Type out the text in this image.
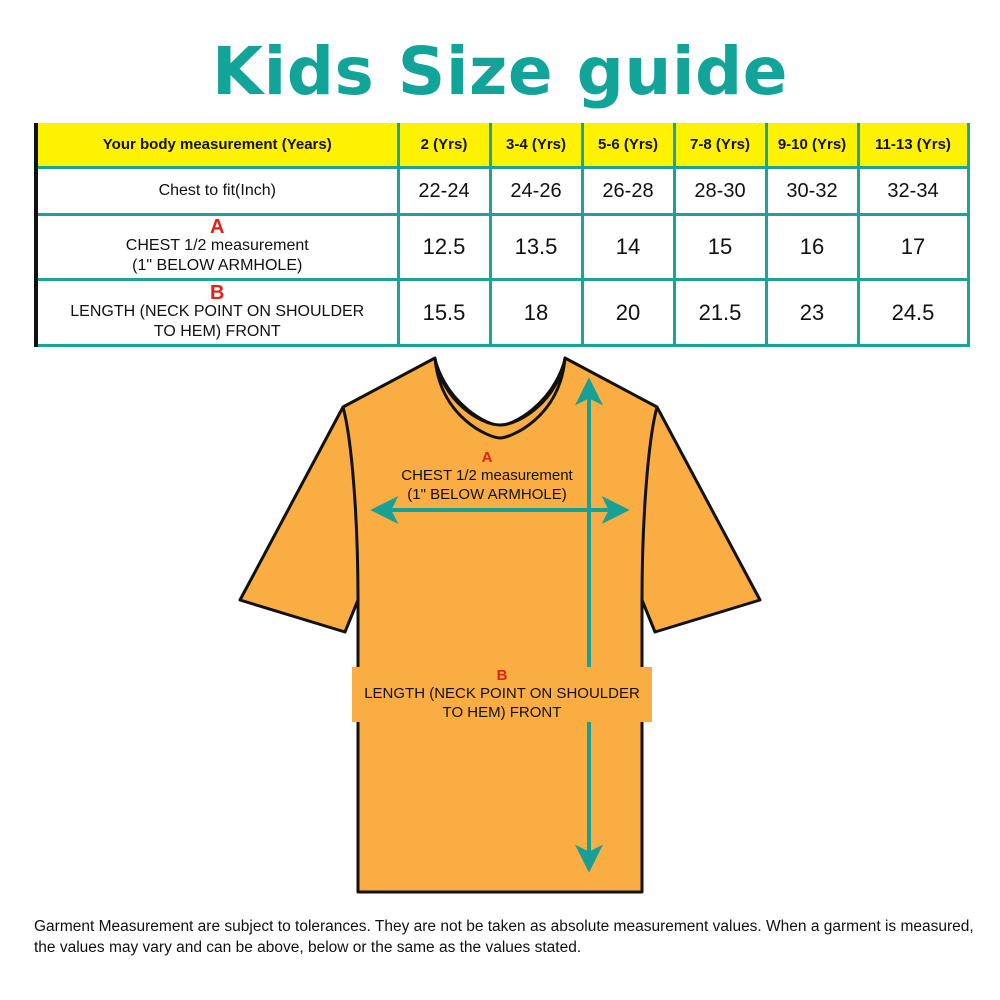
Kids Size guide
Your body measurement (Years)	2 (Yrs)	3-4 (Yrs)	5-6 (Yrs)	7-8 (Yrs)	9-10 (Yrs)	11-13 (Yrs)
Chest to fit(Inch)	22-24	24-26	26-28	28-30	30-32	32-34

A
CHEST 1/2 measurement
(1" BELOW ARMHOLE)	12.5	13.5	14	15	16	17

B
LENGTH (NECK POINT ON SHOULDER
TO HEM) FRONT	15.5	18	20	21.5	23	24.5
A
CHEST 1/2 measurement
(1" BELOW ARMHOLE)
B
LENGTH (NECK POINT ON SHOULDER
TO HEM) FRONT
Garment Measurement are subject to tolerances. They are not be taken as absolute measurement values. When a garment is measured, the values may vary and can be above, below or the same as the values stated.
